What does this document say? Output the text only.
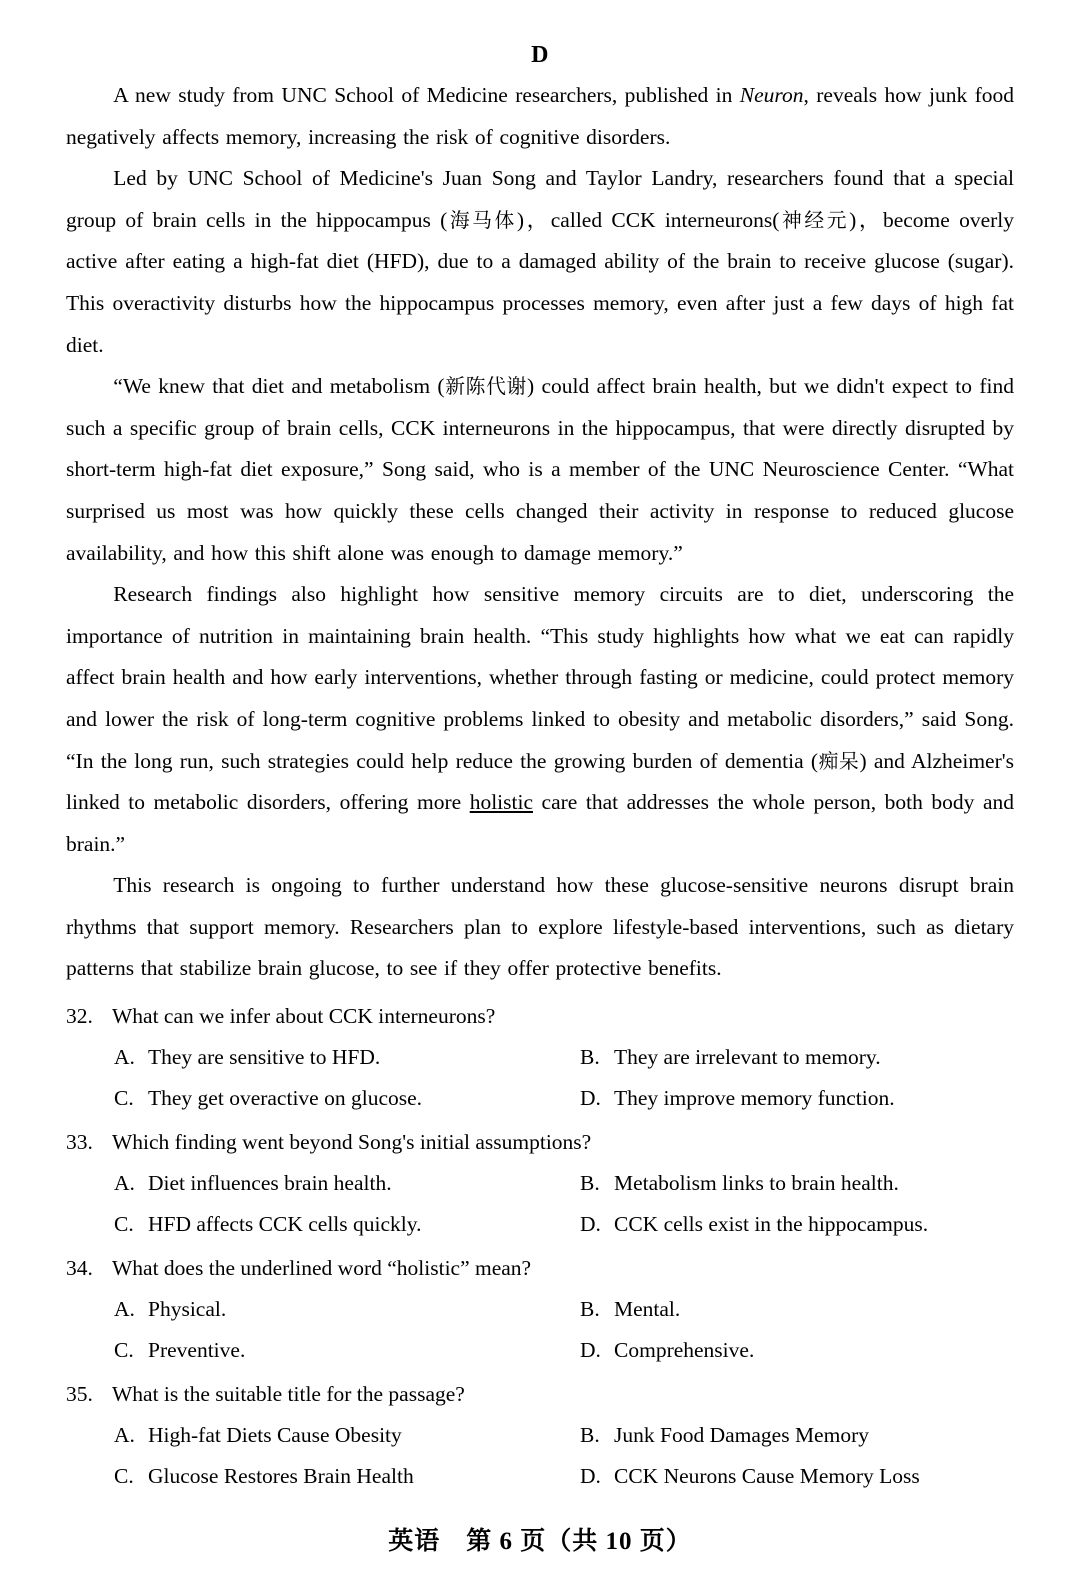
D

A new study from UNC School of Medicine researchers, published in Neuron, reveals how junk food negatively affects memory, increasing the risk of cognitive disorders.

Led by UNC School of Medicine's Juan Song and Taylor Landry, researchers found that a special group of brain cells in the hippocampus (海马体)，called CCK interneurons(神经元)，become overly active after eating a high-fat diet (HFD), due to a damaged ability of the brain to receive glucose (sugar). This overactivity disturbs how the hippocampus processes memory, even after just a few days of high fat diet.

“We knew that diet and metabolism (新陈代谢) could affect brain health, but we didn't expect to find such a specific group of brain cells, CCK interneurons in the hippocampus, that were directly disrupted by short-term high-fat diet exposure,” Song said, who is a member of the UNC Neuroscience Center. “What surprised us most was how quickly these cells changed their activity in response to reduced glucose availability, and how this shift alone was enough to damage memory.”

Research findings also highlight how sensitive memory circuits are to diet, underscoring the importance of nutrition in maintaining brain health. “This study highlights how what we eat can rapidly affect brain health and how early interventions, whether through fasting or medicine, could protect memory and lower the risk of long-term cognitive problems linked to obesity and metabolic disorders,” said Song. “In the long run, such strategies could help reduce the growing burden of dementia (痴呆) and Alzheimer's linked to metabolic disorders, offering more holistic care that addresses the whole person, both body and brain.”

This research is ongoing to further understand how these glucose-sensitive neurons disrupt brain rhythms that support memory. Researchers plan to explore lifestyle-based interventions, such as dietary patterns that stabilize brain glucose, to see if they offer protective benefits.

32. What can we infer about CCK interneurons?
A. They are sensitive to HFD.	B. They are irrelevant to memory.
C. They get overactive on glucose.	D. They improve memory function.
33. Which finding went beyond Song's initial assumptions?
A. Diet influences brain health.	B. Metabolism links to brain health.
C. HFD affects CCK cells quickly.	D. CCK cells exist in the hippocampus.
34. What does the underlined word “holistic” mean?
A. Physical.	B. Mental.
C. Preventive.	D. Comprehensive.
35. What is the suitable title for the passage?
A. High-fat Diets Cause Obesity	B. Junk Food Damages Memory
C. Glucose Restores Brain Health	D. CCK Neurons Cause Memory Loss
英语 第 6 页（共 10 页）
